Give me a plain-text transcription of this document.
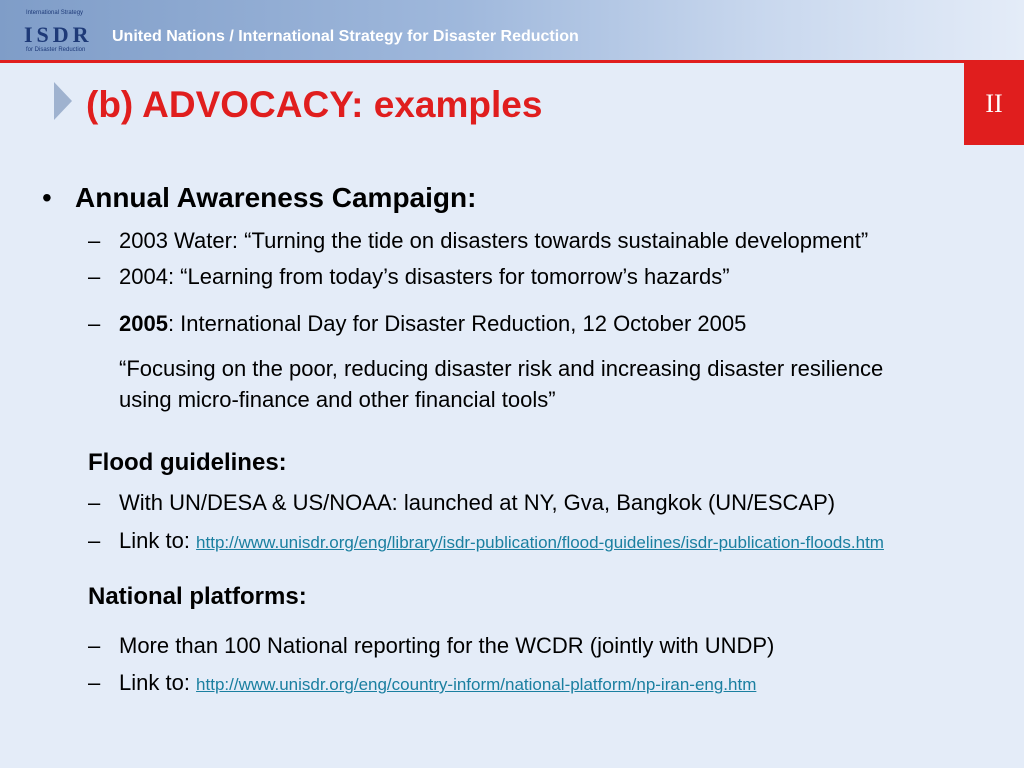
International Strategy
ISDR
for Disaster Reduction
United Nations / International Strategy for Disaster Reduction
II
(b) ADVOCACY: examples
• Annual Awareness Campaign:
– 2003 Water: “Turning the tide on disasters towards sustainable development”
– 2004: “Learning from today’s disasters for tomorrow’s hazards”
– 2005: International Day for Disaster Reduction, 12 October 2005
“Focusing on the poor, reducing disaster risk and increasing disaster resilience
using micro-finance and other financial tools”
Flood guidelines:
– With UN/DESA & US/NOAA: launched at NY, Gva, Bangkok (UN/ESCAP)
– Link to: http://www.unisdr.org/eng/library/isdr-publication/flood-guidelines/isdr-publication-floods.htm
National platforms:
– More than 100 National reporting for the WCDR (jointly with UNDP)
– Link to: http://www.unisdr.org/eng/country-inform/national-platform/np-iran-eng.htm
